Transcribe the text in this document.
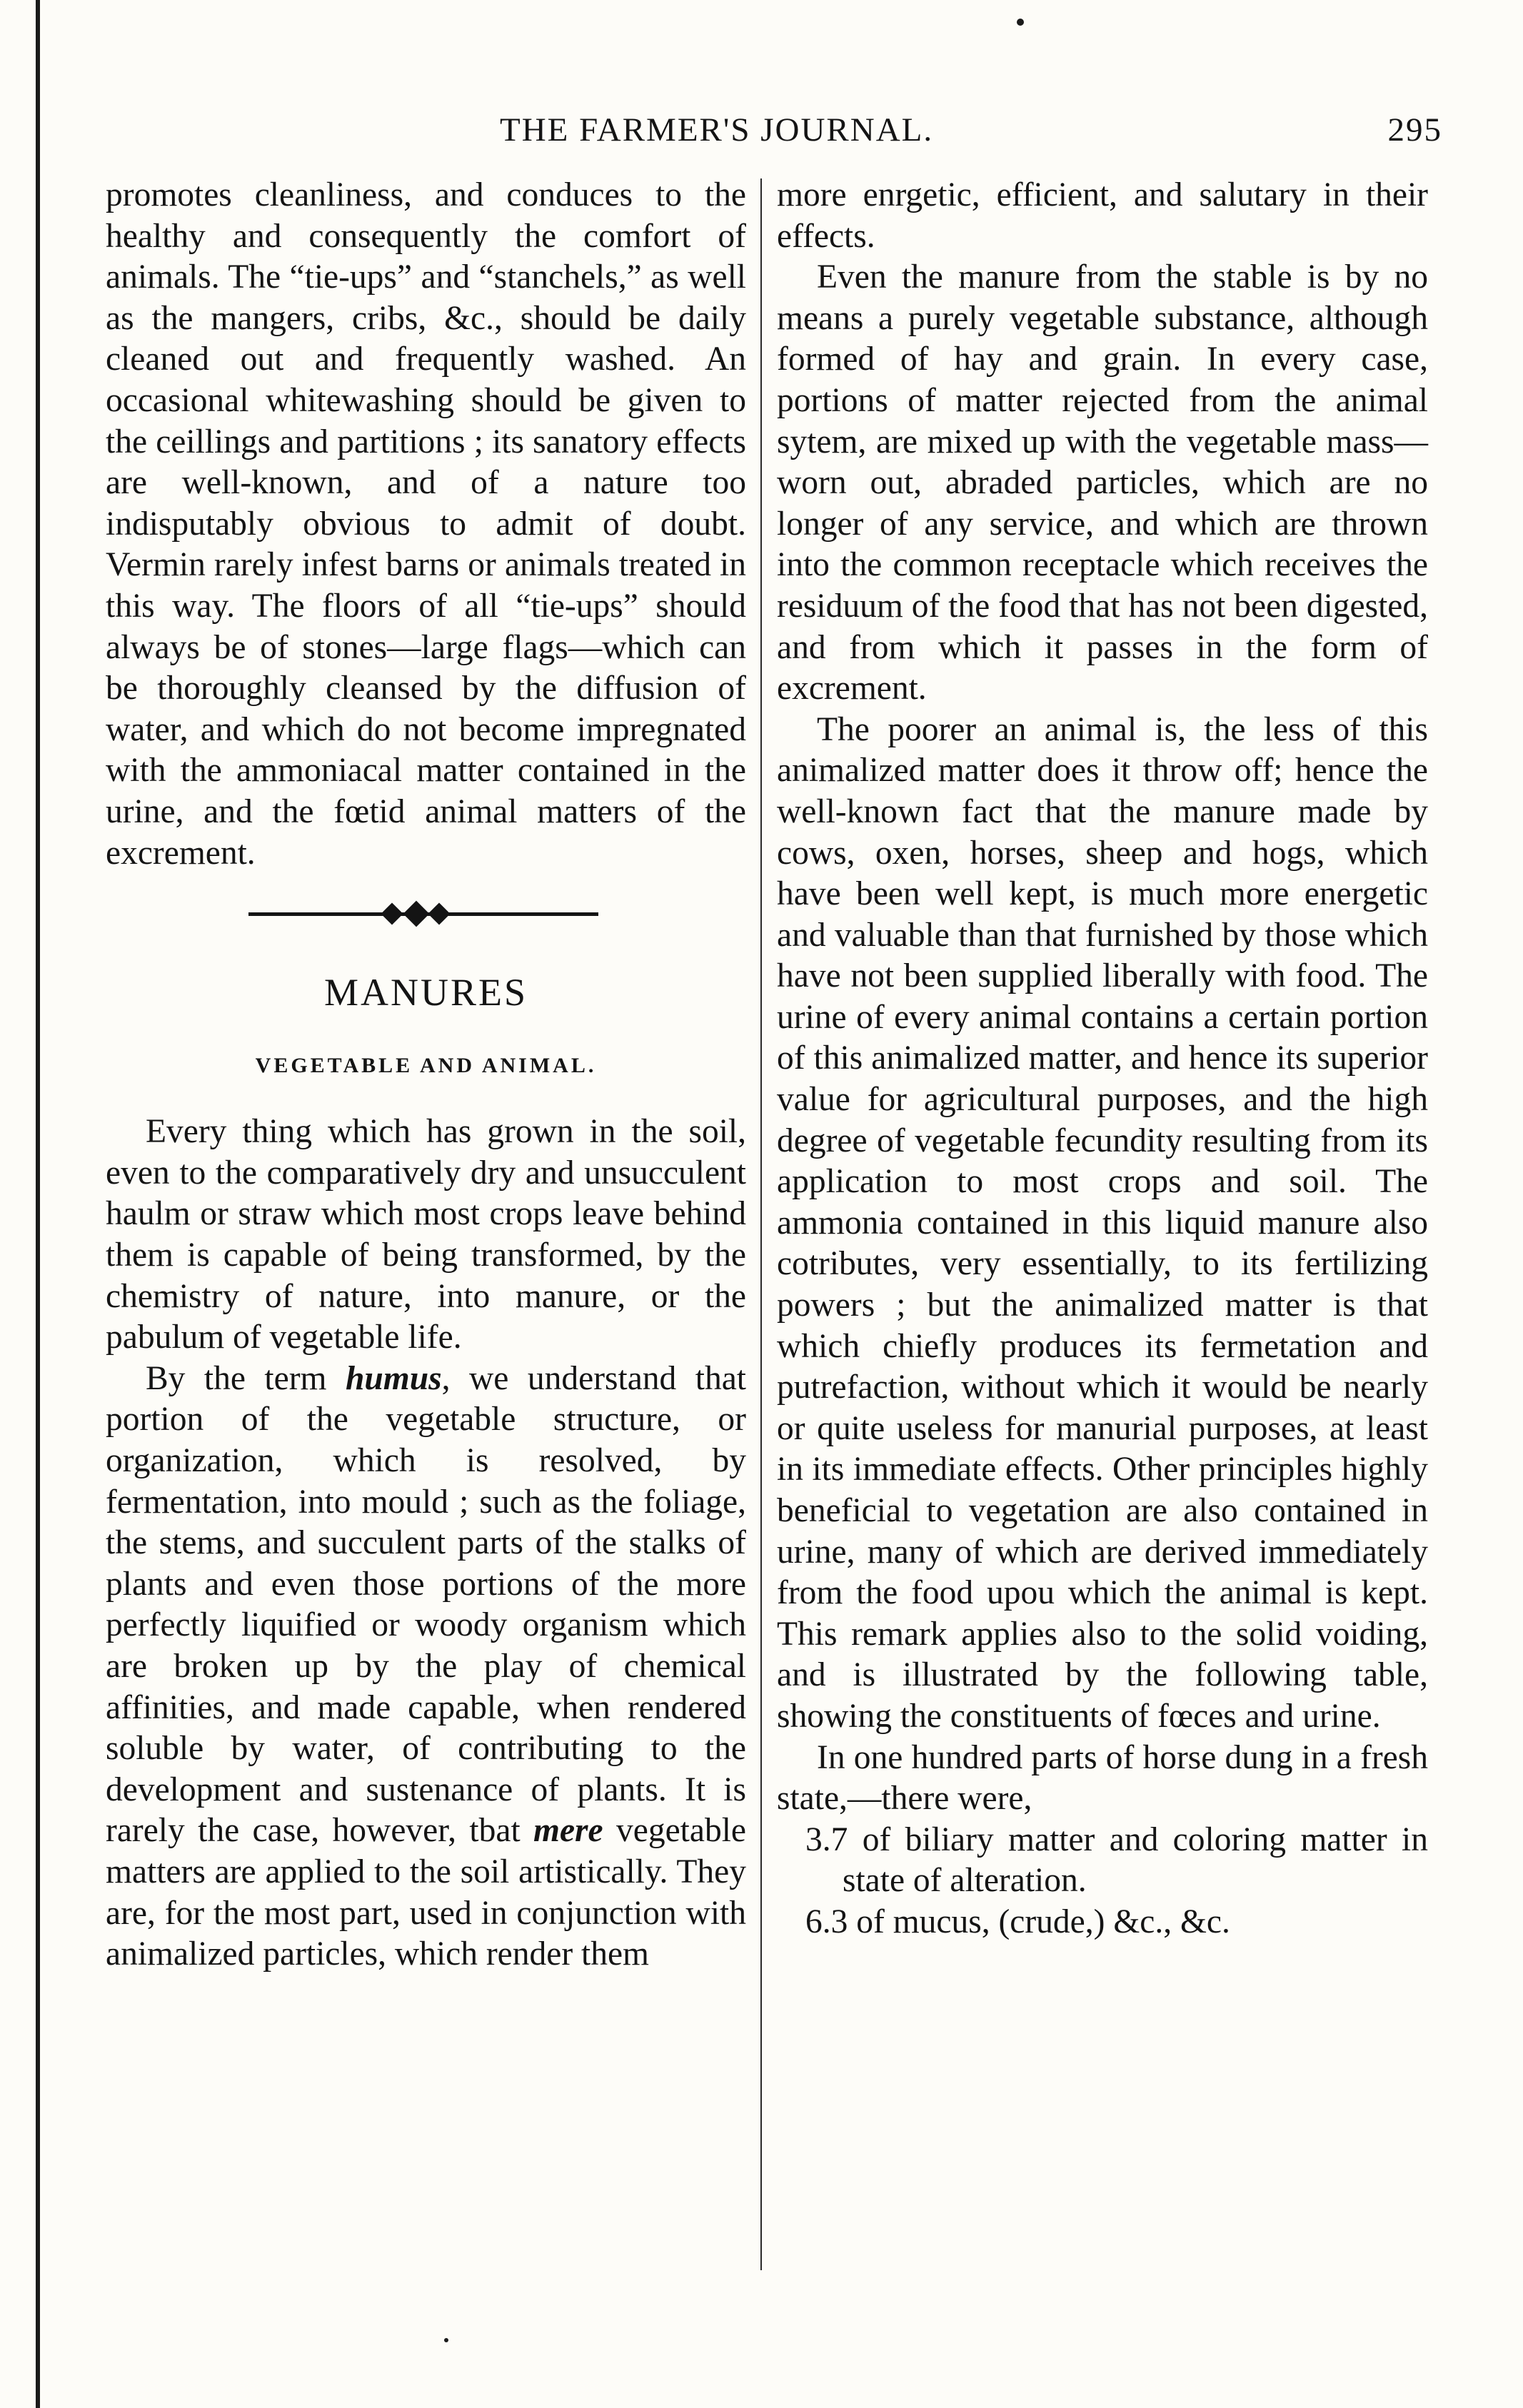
THE FARMER'S JOURNAL.	295

promotes cleanliness, and conduces to the healthy and consequently the comfort of animals. The “tie-ups” and “stanchels,” as well as the mangers, cribs, &c., should be daily cleaned out and frequently washed. An occasional whitewashing should be given to the ceillings and partitions ; its sanatory effects are well-known, and of a nature too indisputably obvious to admit of doubt. Vermin rarely infest barns or animals treated in this way. The floors of all “tie-ups” should always be of stones—large flags—which can be thoroughly cleansed by the diffusion of water, and which do not become impregnated with the ammoniacal matter contained in the urine, and the fœtid animal matters of the excrement.

MANURES
VEGETABLE AND ANIMAL.

Every thing which has grown in the soil, even to the comparatively dry and unsucculent haulm or straw which most crops leave behind them is capable of being transformed, by the chemistry of nature, into manure, or the pabulum of vegetable life.

By the term humus, we understand that portion of the vegetable structure, or organization, which is resolved, by fermentation, into mould ; such as the foliage, the stems, and succulent parts of the stalks of plants and even those portions of the more perfectly liquified or woody organism which are broken up by the play of chemical affinities, and made capable, when rendered soluble by water, of contributing to the development and sustenance of plants. It is rarely the case, however, tbat mere vegetable matters are applied to the soil artistically. They are, for the most part, used in conjunction with animalized particles, which render them

more enrgetic, efficient, and salutary in their effects.

Even the manure from the stable is by no means a purely vegetable substance, although formed of hay and grain. In every case, portions of matter rejected from the animal sytem, are mixed up with the vegetable mass—worn out, abraded particles, which are no longer of any service, and which are thrown into the common receptacle which receives the residuum of the food that has not been digested, and from which it passes in the form of excrement.

The poorer an animal is, the less of this animalized matter does it throw off; hence the well-known fact that the manure made by cows, oxen, horses, sheep and hogs, which have been well kept, is much more energetic and valuable than that furnished by those which have not been supplied liberally with food. The urine of every animal contains a certain portion of this animalized matter, and hence its superior value for agricultural purposes, and the high degree of vegetable fecundity resulting from its application to most crops and soil. The ammonia contained in this liquid manure also cotributes, very essentially, to its fertilizing powers ; but the animalized matter is that which chiefly produces its fermetation and putrefaction, without which it would be nearly or quite useless for manurial purposes, at least in its immediate effects. Other principles highly beneficial to vegetation are also contained in urine, many of which are derived immediately from the food upou which the animal is kept. This remark applies also to the solid voiding, and is illustrated by the following table, showing the constituents of fœces and urine.

In one hundred parts of horse dung in a fresh state,—there were,

3.7 of biliary matter and coloring matter in state of alteration.

6.3 of mucus, (crude,) &c., &c.
